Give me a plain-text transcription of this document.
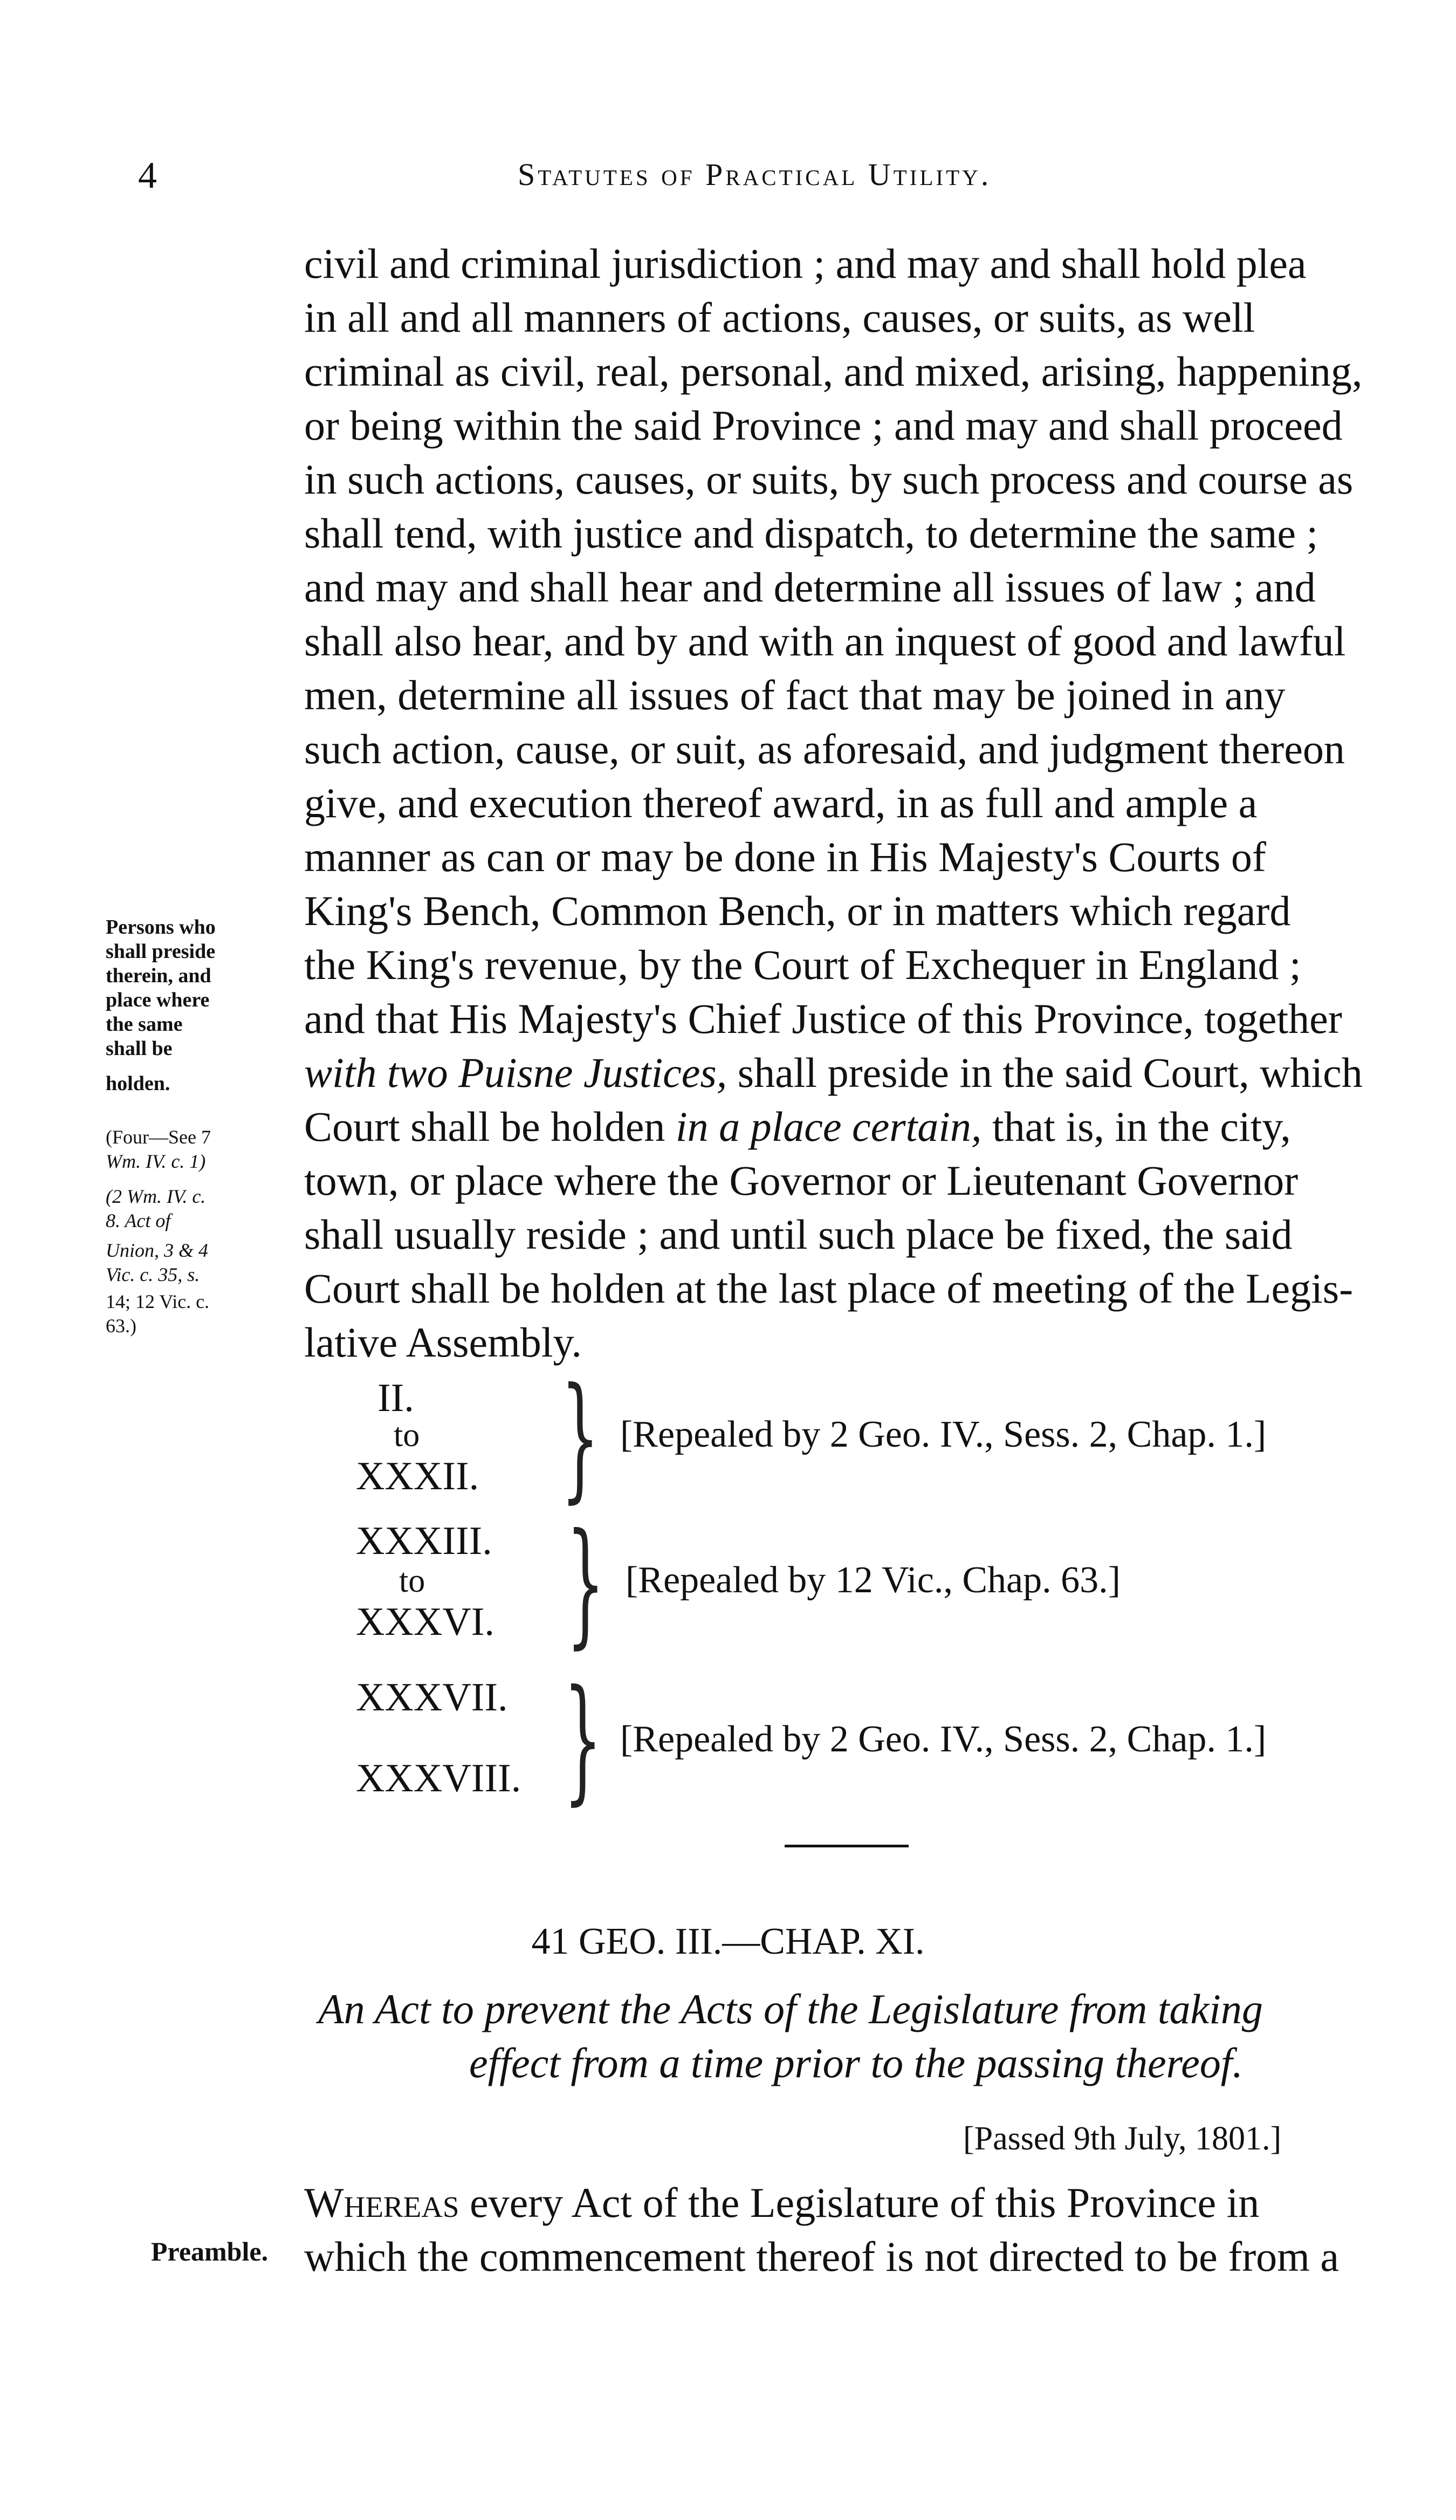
4	Statutes of Practical Utility.
civil and criminal jurisdiction ; and may and shall hold plea
in all and all manners of actions, causes, or suits, as well
criminal as civil, real, personal, and mixed, arising, happening,
or being within the said Province ; and may and shall proceed
in such actions, causes, or suits, by such process and course as
shall tend, with justice and dispatch, to determine the same ;
and may and shall hear and determine all issues of law ; and
shall also hear, and by and with an inquest of good and lawful
men, determine all issues of fact that may be joined in any
such action, cause, or suit, as aforesaid, and judgment thereon
give, and execution thereof award, in as full and ample a
manner as can or may be done in His Majesty's Courts of
King's Bench, Common Bench, or in matters which regard
the King's revenue, by the Court of Exchequer in England ;
and that His Majesty's Chief Justice of this Province, together
with two Puisne Justices, shall preside in the said Court, which
Court shall be holden in a place certain, that is, in the city,
town, or place where the Governor or Lieutenant Governor
shall usually reside ; and until such place be fixed, the said
Court shall be holden at the last place of meeting of the Legis-
lative Assembly.
Persons who
shall preside
therein, and
place where
the same
shall be
holden.
(Four—See 7
Wm. IV. c. 1)
(2 Wm. IV. c.
8. Act of
Union, 3 & 4
Vic. c. 35, s.
14; 12 Vic. c.
63.)
II.
to
XXXII. } [Repealed by 2 Geo. IV., Sess. 2, Chap. 1.]
XXXIII.
to
XXXVI. } [Repealed by 12 Vic., Chap. 63.]
XXXVII.
XXXVIII. } [Repealed by 2 Geo. IV., Sess. 2, Chap. 1.]
41 GEO. III.—CHAP. XI.
An Act to prevent the Acts of the Legislature from taking
effect from a time prior to the passing thereof.
[Passed 9th July, 1801.]
Whereas every Act of the Legislature of this Province in
which the commencement thereof is not directed to be from a
Preamble.
